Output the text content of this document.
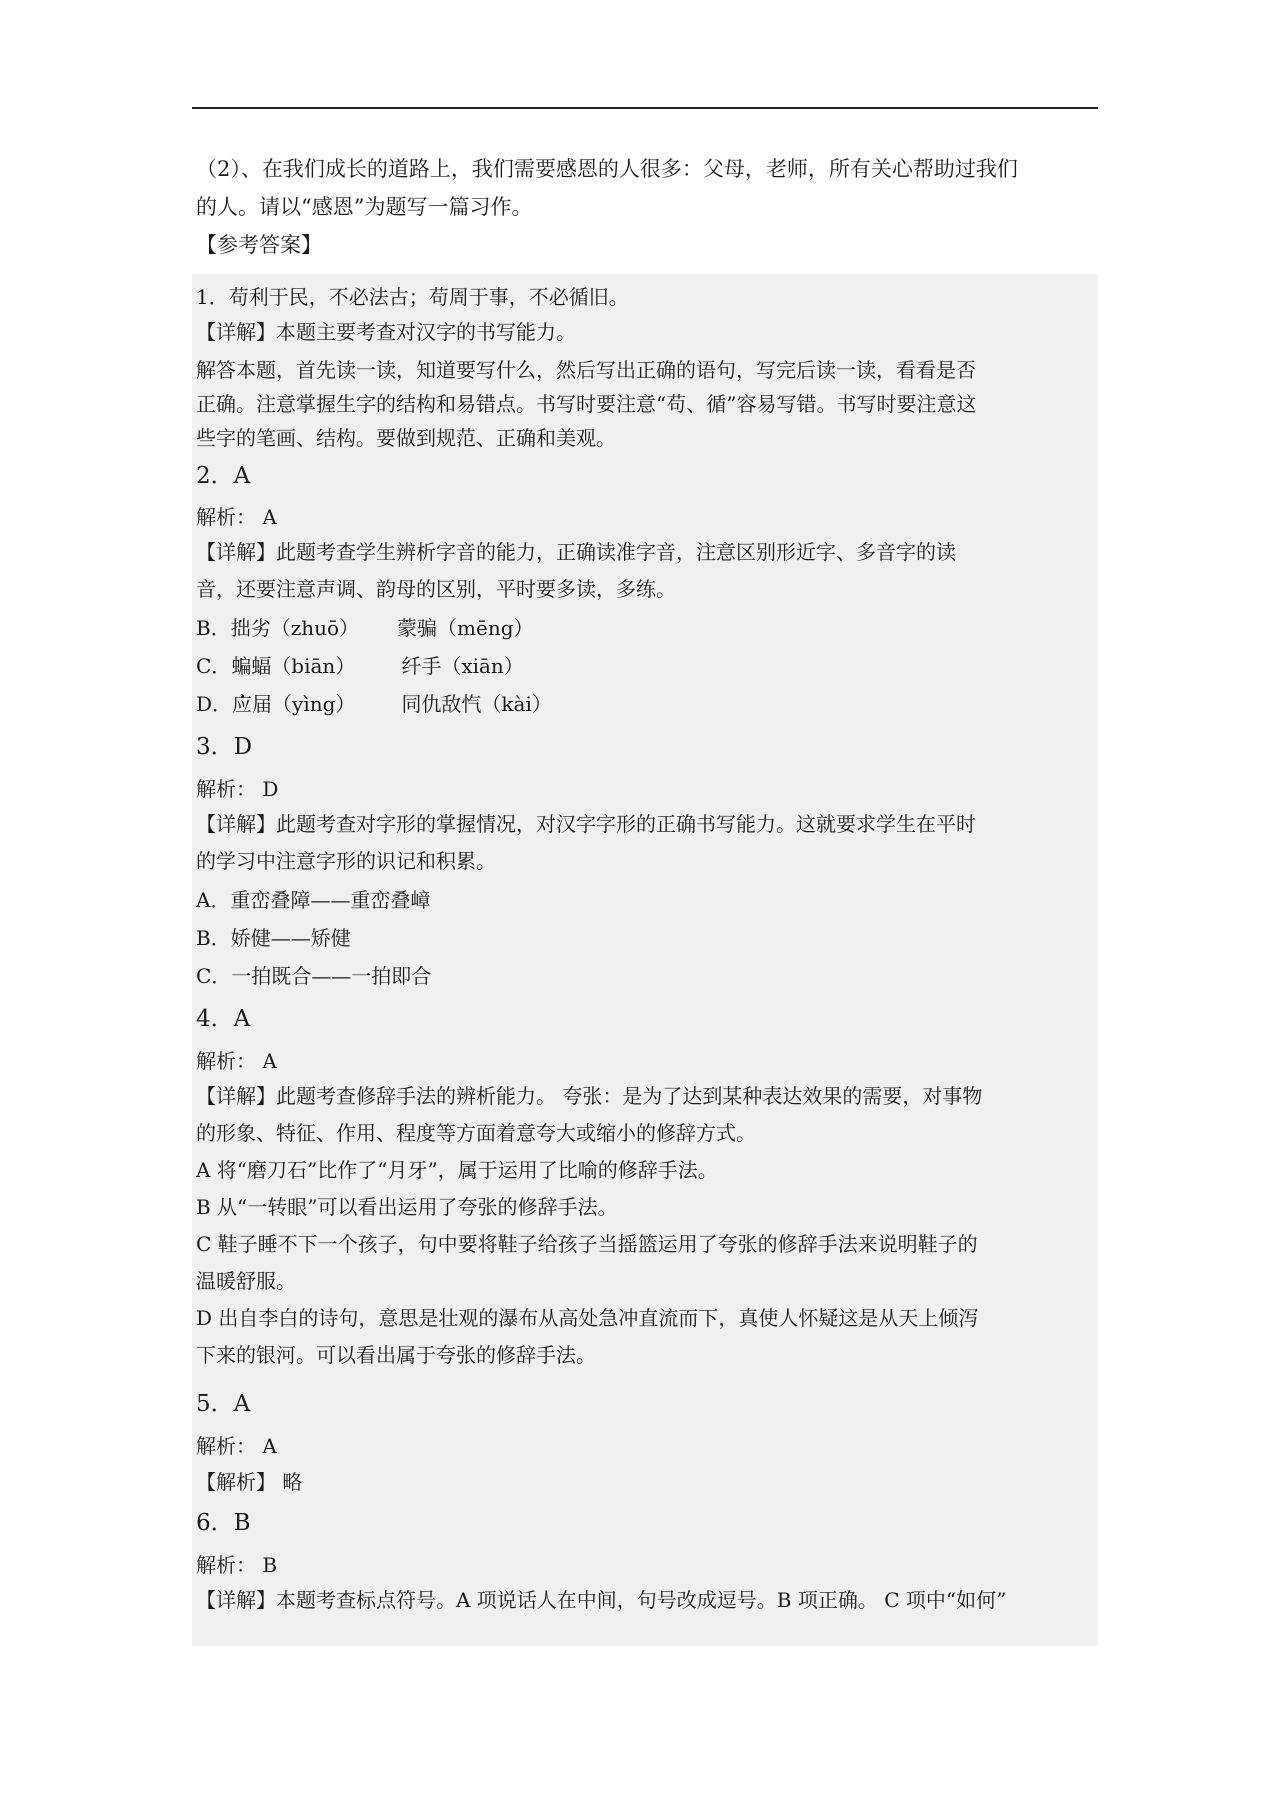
（2）、在我们成长的道路上，我们需要感恩的人很多：父母，老师，所有关心帮助过我们

的人。请以“感恩”为题写一篇习作。

【参考答案】

1．苟利于民，不必法古；苟周于事，不必循旧。
【详解】本题主要考查对汉字的书写能力。
解答本题，首先读一读，知道要写什么，然后写出正确的语句，写完后读一读，看看是否
正确。注意掌握生字的结构和易错点。书写时要注意“苟、循”容易写错。书写时要注意这
些字的笔画、结构。要做到规范、正确和美观。
2．A
解析： A
【详解】此题考查学生辨析字音的能力，正确读准字音，注意区别形近字、多音字的读
音，还要注意声调、韵母的区别，平时要多读，多练。
B．拙劣（zhuō） 蒙骗（mēng）
C．蝙蝠（biān） 纤手（xiān）
D．应届（yìng） 同仇敌忾（kài）
3．D
解析： D
【详解】此题考查对字形的掌握情况，对汉字字形的正确书写能力。这就要求学生在平时
的学习中注意字形的识记和积累。
A．重峦叠障——重峦叠嶂
B．娇健——矫健
C．一拍既合——一拍即合
4．A
解析： A
【详解】此题考查修辞手法的辨析能力。 夸张：是为了达到某种表达效果的需要，对事物
的形象、特征、作用、程度等方面着意夸大或缩小的修辞方式。
A 将“磨刀石”比作了“月牙”，属于运用了比喻的修辞手法。
B 从“一转眼”可以看出运用了夸张的修辞手法。
C 鞋子睡不下一个孩子，句中要将鞋子给孩子当摇篮运用了夸张的修辞手法来说明鞋子的
温暖舒服。
D 出自李白的诗句，意思是壮观的瀑布从高处急冲直流而下，真使人怀疑这是从天上倾泻
下来的银河。可以看出属于夸张的修辞手法。
5．A
解析： A
【解析】 略
6．B
解析： B
【详解】本题考查标点符号。A 项说话人在中间，句号改成逗号。B 项正确。 C 项中“如何”
